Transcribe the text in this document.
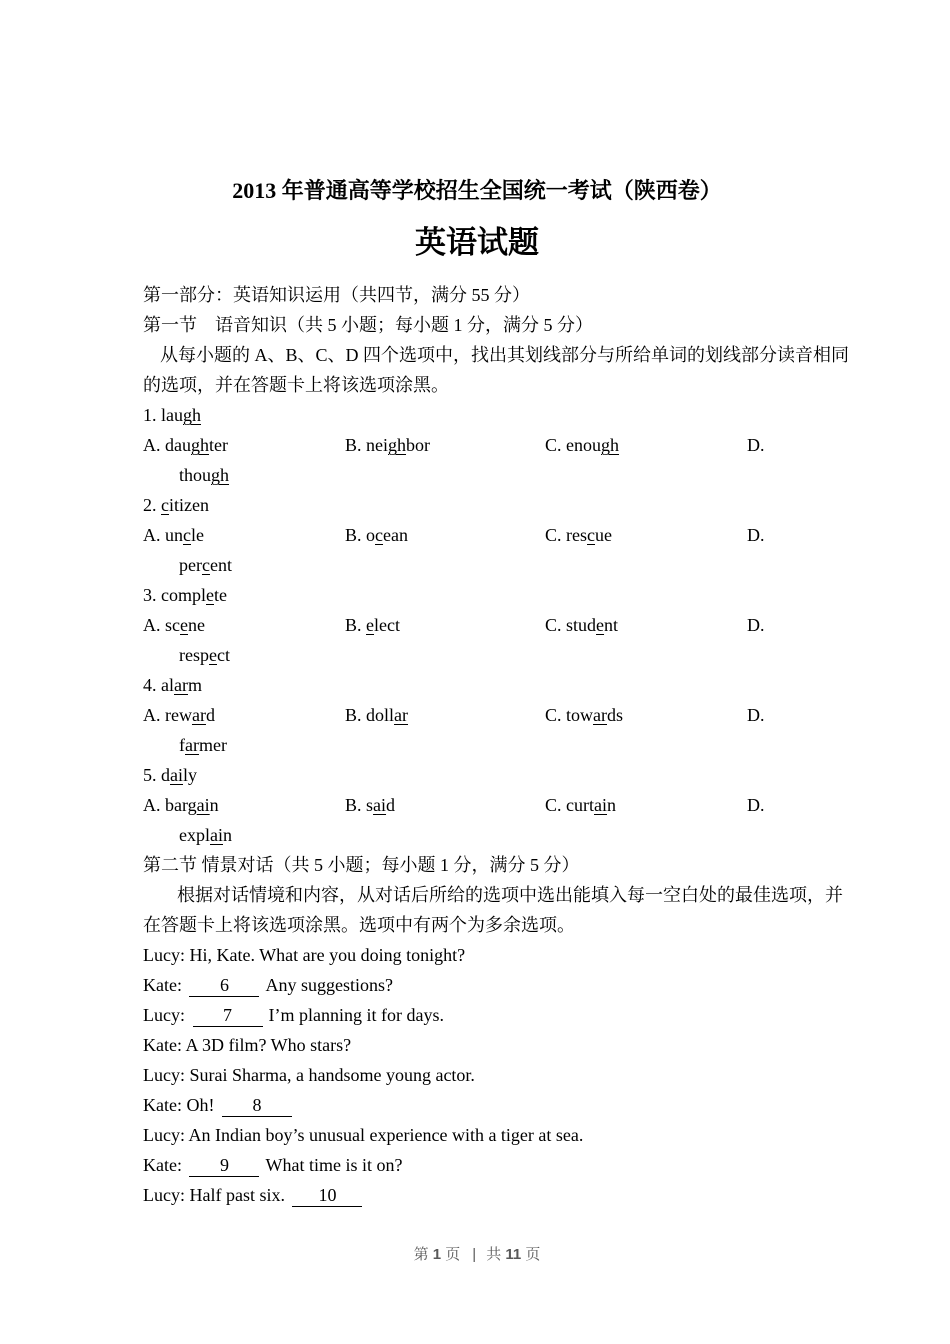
2013 年普通高等学校招生全国统一考试（陕西卷）
英语试题
第一部分：英语知识运用（共四节，满分 55 分）
第一节　语音知识（共 5 小题；每小题 1 分，满分 5 分）
从每小题的 A、B、C、D 四个选项中，找出其划线部分与所给单词的划线部分读音相同
的选项，并在答题卡上将该选项涂黑。
1. laugh
A. daughter	B. neighbor	C. enough	D.
though
2. citizen
A. uncle	B. ocean	C. rescue	D.
percent
3. complete
A. scene	B. elect	C. student	D.
respect
4. alarm
A. reward	B. dollar	C. towards	D.
farmer
5. daily
A. bargain	B. said	C. curtain	D.
explain
第二节 情景对话（共 5 小题；每小题 1 分，满分 5 分）
根据对话情境和内容，从对话后所给的选项中选出能填入每一空白处的最佳选项，并
在答题卡上将该选项涂黑。选项中有两个为多余选项。
Lucy: Hi, Kate. What are you doing tonight?
Kate: 6 Any suggestions?
Lucy: 7 I’m planning it for days.
Kate: A 3D film? Who stars?
Lucy: Surai Sharma, a handsome young actor.
Kate: Oh! 8
Lucy: An Indian boy’s unusual experience with a tiger at sea.
Kate: 9 What time is it on?
Lucy: Half past six. 10
第 1 页 | 共 11 页
